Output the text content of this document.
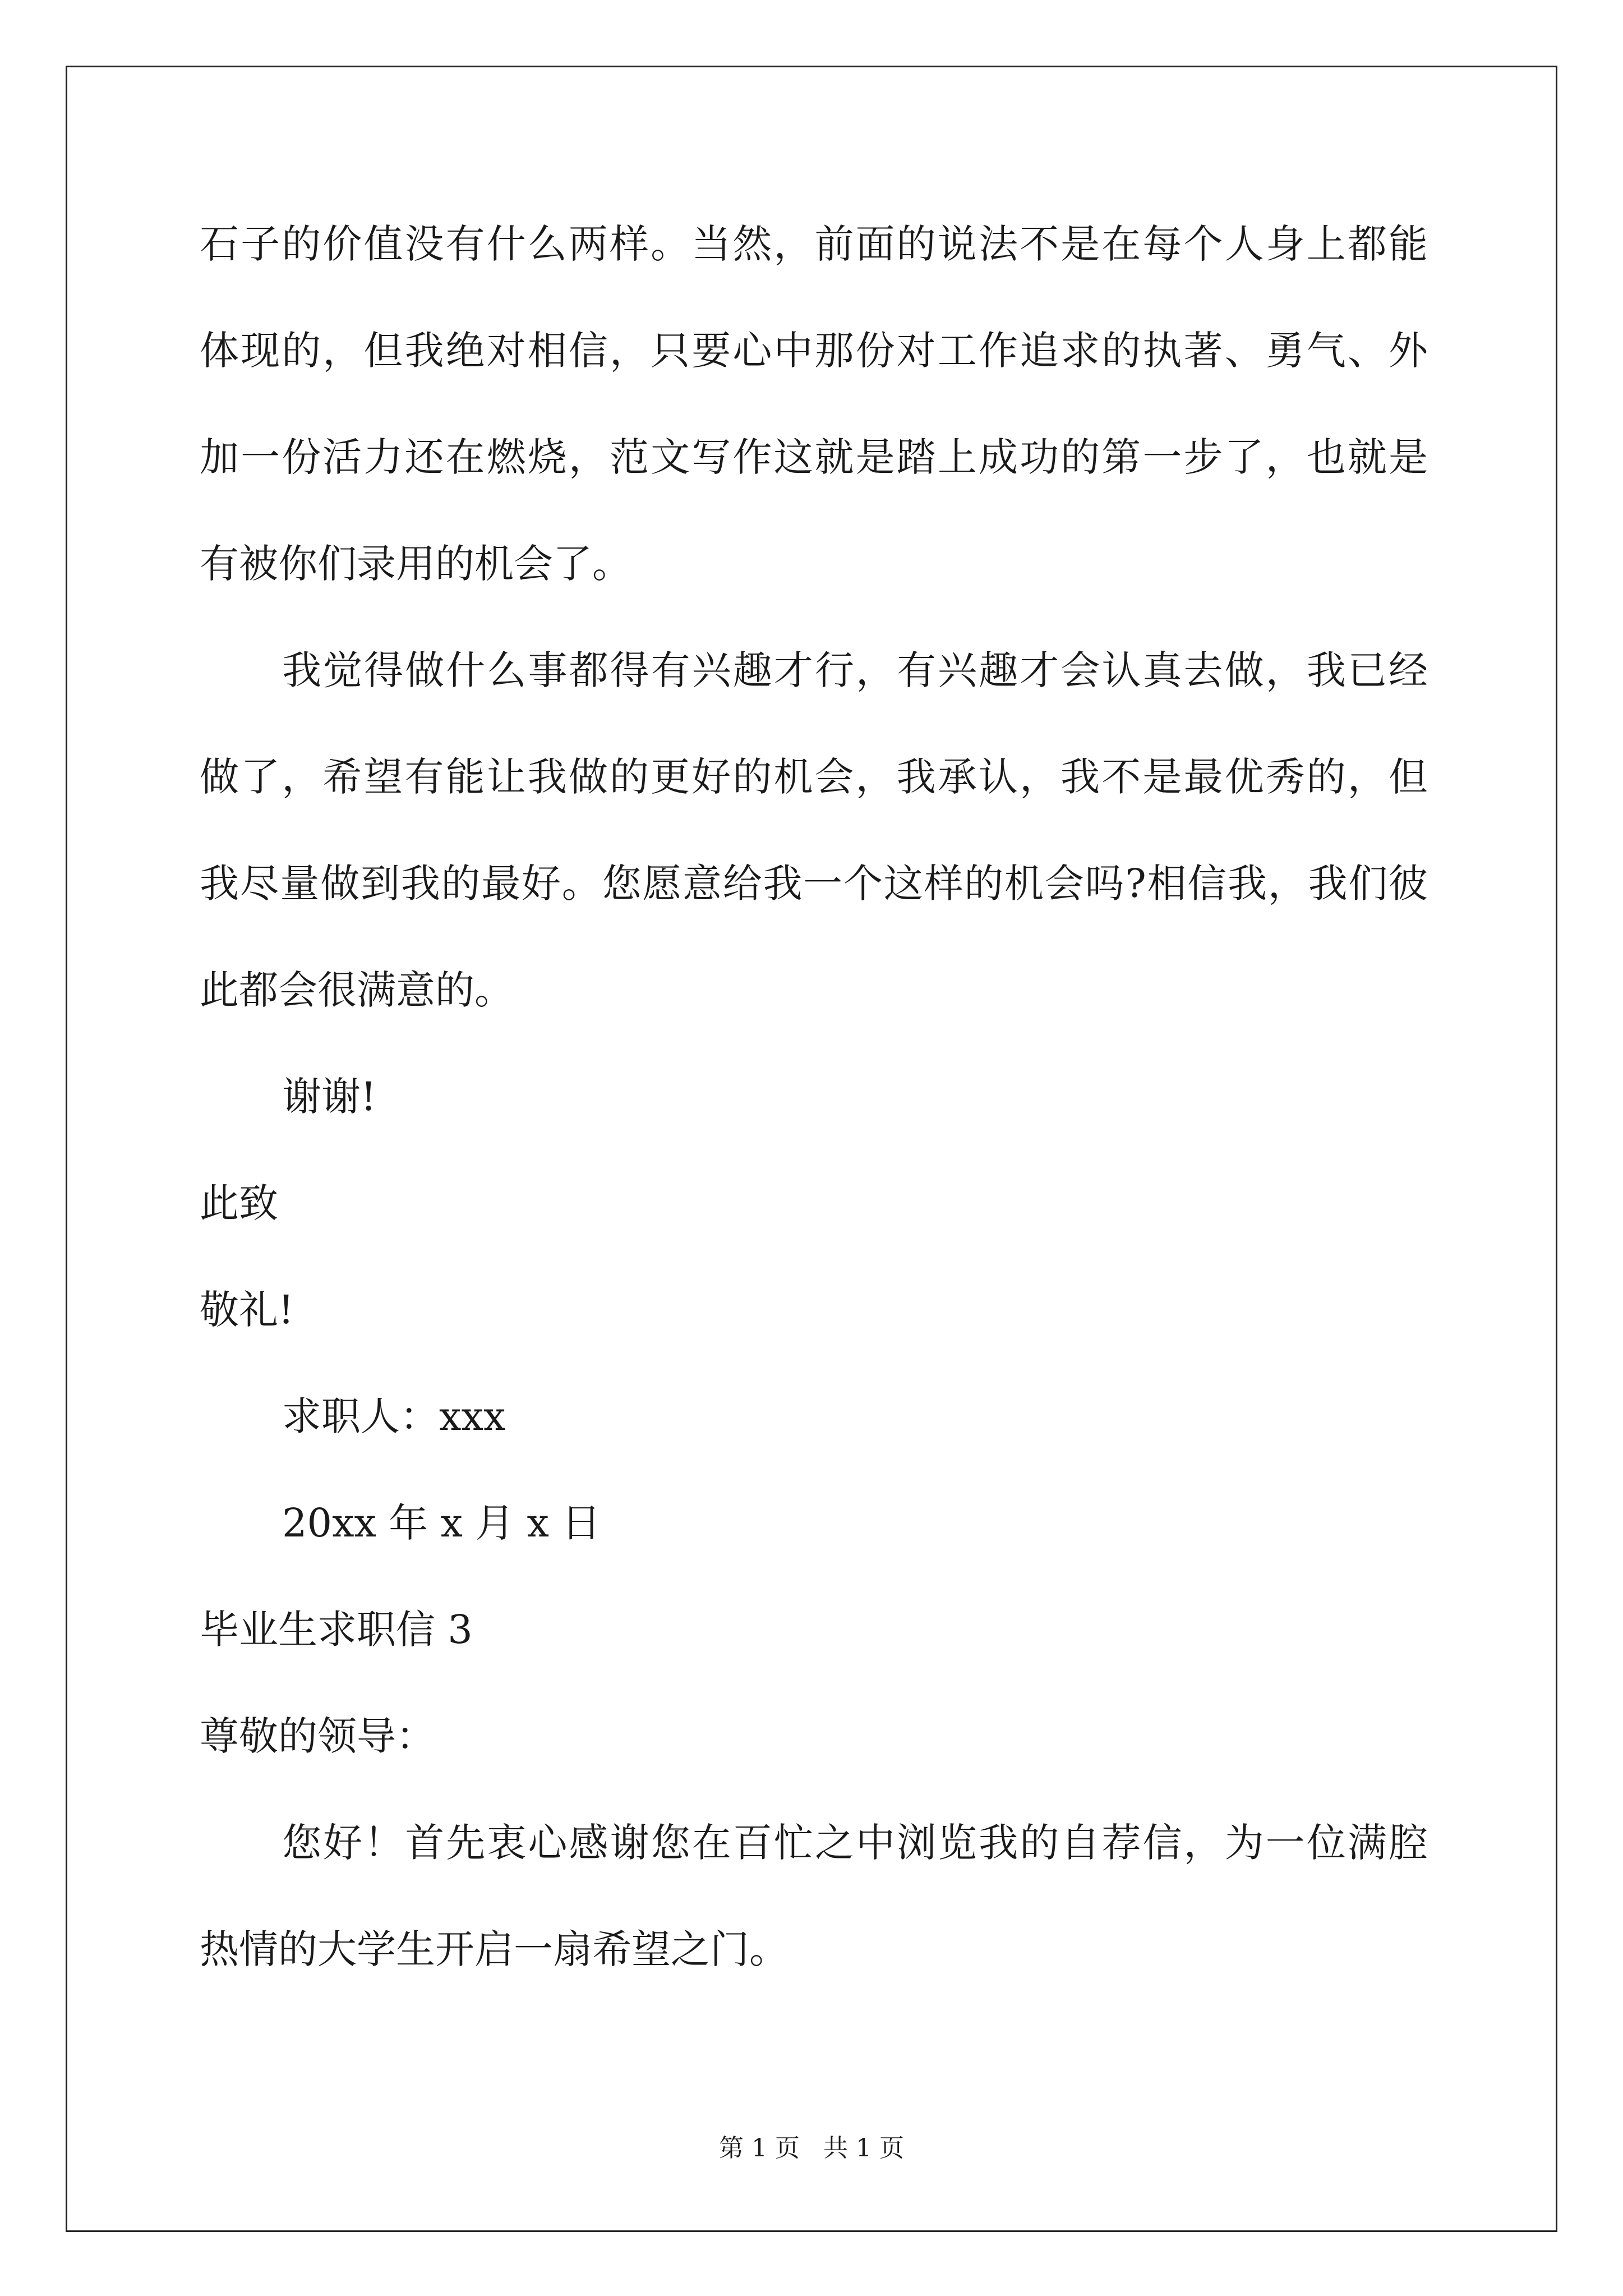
石子的价值没有什么两样。当然，前面的说法不是在每个人身上都能
体现的，但我绝对相信，只要心中那份对工作追求的执著、勇气、外
加一份活力还在燃烧，范文写作这就是踏上成功的第一步了，也就是
有被你们录用的机会了。
我觉得做什么事都得有兴趣才行，有兴趣才会认真去做，我已经
做了，希望有能让我做的更好的机会，我承认，我不是最优秀的，但
我尽量做到我的最好。您愿意给我一个这样的机会吗?相信我，我们彼
此都会很满意的。
谢谢!
此致
敬礼!
求职人：xxx
20xx 年 x 月 x 日
毕业生求职信 3
尊敬的领导：
您好！首先衷心感谢您在百忙之中浏览我的自荐信，为一位满腔
热情的大学生开启一扇希望之门。
第 1 页   共 1 页
